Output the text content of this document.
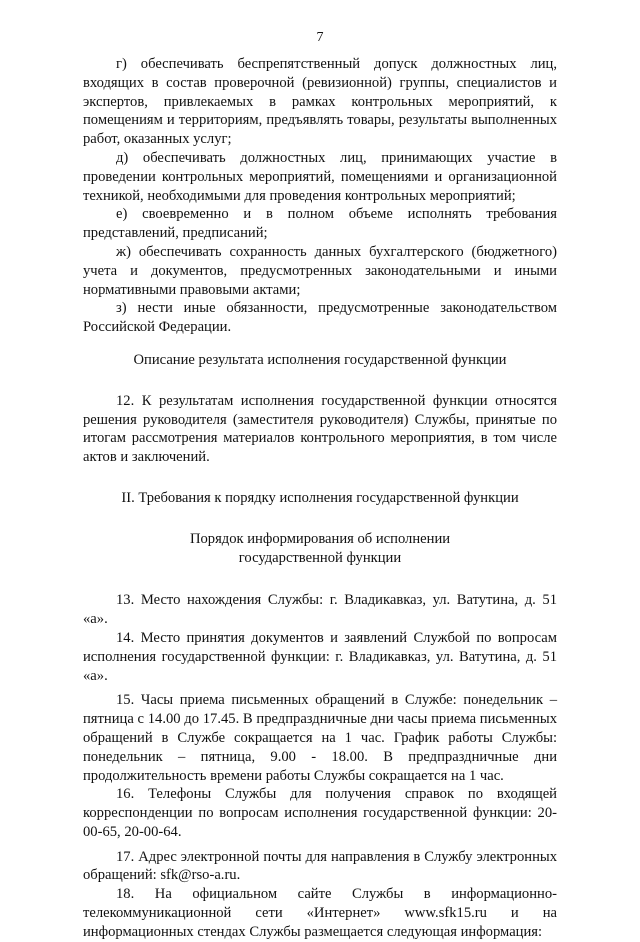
7

г) обеспечивать беспрепятственный допуск должностных лиц, входящих в состав проверочной (ревизионной) группы, специалистов и экспертов, привлекаемых в рамках контрольных мероприятий, к помещениям и территориям, предъявлять товары, результаты выполненных работ, оказанных услуг;

д) обеспечивать должностных лиц, принимающих участие в проведении контрольных мероприятий, помещениями и организационной техникой, необходимыми для проведения контрольных мероприятий;

е) своевременно и в полном объеме исполнять требования представлений, предписаний;

ж) обеспечивать сохранность данных бухгалтерского (бюджетного) учета и документов, предусмотренных законодательными и иными нормативными правовыми актами;

з) нести иные обязанности, предусмотренные законодательством Российской Федерации.

Описание результата исполнения государственной функции

12. К результатам исполнения государственной функции относятся решения руководителя (заместителя руководителя) Службы, принятые по итогам рассмотрения материалов контрольного мероприятия, в том числе актов и заключений.

II. Требования к порядку исполнения государственной функции

Порядок информирования об исполнении

государственной функции

13. Место нахождения Службы: г. Владикавказ, ул. Ватутина, д. 51 «а».

14. Место принятия документов и заявлений Службой по вопросам исполнения государственной функции: г. Владикавказ, ул. Ватутина, д. 51 «а».

15. Часы приема письменных обращений в Службе: понедельник – пятница с 14.00 до 17.45. В предпраздничные дни часы приема письменных обращений в Службе сокращается на 1 час. График работы Службы: понедельник – пятница, 9.00 - 18.00. В предпраздничные дни продолжительность времени работы Службы сокращается на 1 час.

16. Телефоны Службы для получения справок по входящей корреспонденции по вопросам исполнения государственной функции: 20-00-65, 20-00-64.

17. Адрес электронной почты для направления в Службу электронных обращений: sfk@rso-a.ru.

18. На официальном сайте Службы в информационно-телекоммуникационной сети «Интернет» www.sfk15.ru и на информационных стендах Службы размещается следующая информация:
